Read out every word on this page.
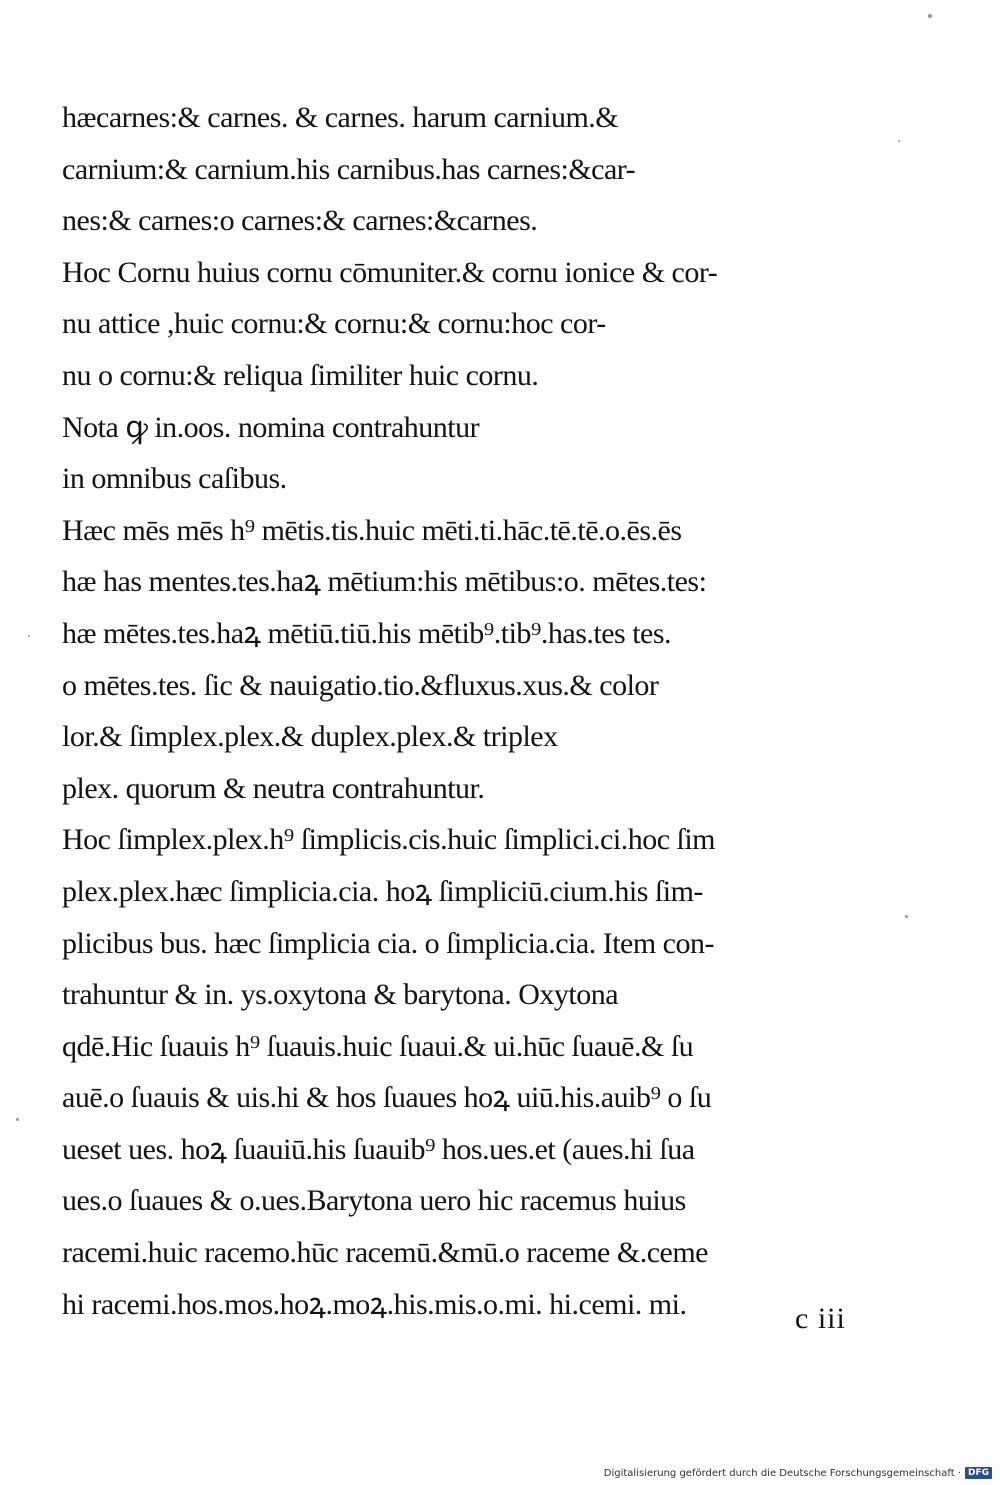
hæcarnes:& carnes. & carnes. harum carnium.&
carnium:& carnium.his carnibus.has carnes:&car-
nes:& carnes:o carnes:& carnes:&carnes.
Hoc Cornu huius cornu cōmuniter.& cornu ionice & cor-
nu attice ,huic cornu:& cornu:& cornu:hoc cor-
nu o cornu:& reliqua ſimiliter huic cornu.
Nota ꝙ in.oos. nomina contrahuntur
in omnibus caſibus.
Hæc mēs mēs h⁹ mētis.tis.huic mēti.ti.hāc.tē.tē.o.ēs.ēs
hæ has mentes.tes.haꝝ mētium:his mētibus:o. mētes.tes:
hæ mētes.tes.haꝝ mētiū.tiū.his mētib⁹.tib⁹.has.tes tes.
o mētes.tes. ſic & nauigatio.tio.&fluxus.xus.& color
lor.& ſimplex.plex.& duplex.plex.& triplex
plex. quorum & neutra contrahuntur.
Hoc ſimplex.plex.h⁹ ſimplicis.cis.huic ſimplici.ci.hoc ſim
plex.plex.hæc ſimplicia.cia. hoꝝ ſimpliciū.cium.his ſim-
plicibus bus. hæc ſimplicia cia. o ſimplicia.cia. Item con-
trahuntur & in. ys.oxytona & barytona. Oxytona
qdē.Hic ſuauis h⁹ ſuauis.huic ſuaui.& ui.hūc ſuauē.& ſu
auē.o ſuauis & uis.hi & hos ſuaues hoꝝ uiū.his.auib⁹ o ſu
ueset ues. hoꝝ ſuauiū.his ſuauib⁹ hos.ues.et (aues.hi ſua
ues.o ſuaues & o.ues.Barytona uero hic racemus huius
racemi.huic racemo.hūc racemū.&mū.o raceme &.ceme
hi racemi.hos.mos.hoꝝ.moꝝ.his.mis.o.mi. hi.cemi. mi.	c iii
Digitalisierung gefördert durch die Deutsche Forschungsgemeinschaft · DFG
